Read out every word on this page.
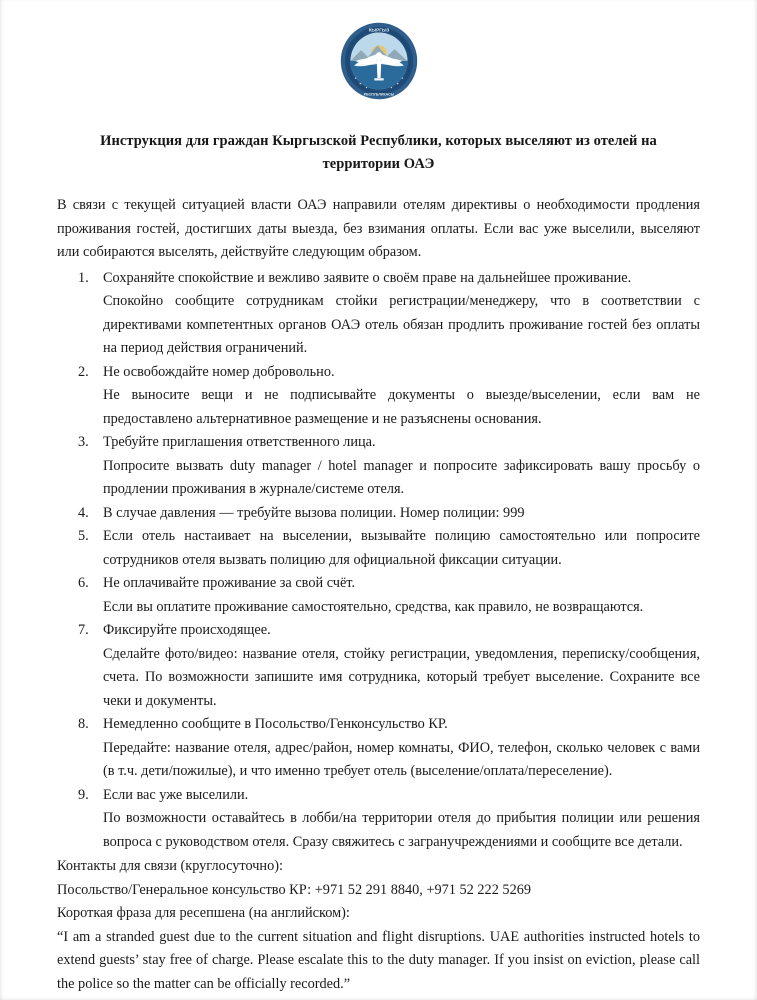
КЫРГЫЗ
РЕСПУБЛИКАСЫ
Инструкция для граждан Кыргызской Республики, которых выселяют из отелей на территории ОАЭ

В связи с текущей ситуацией власти ОАЭ направили отелям директивы о необходимости продления проживания гостей, достигших даты выезда, без взимания оплаты. Если вас уже выселили, выселяют или собираются выселять, действуйте следующим образом.

Сохраняйте спокойствие и вежливо заявите о своём праве на дальнейшее проживание.
Спокойно сообщите сотрудникам стойки регистрации/менеджеру, что в соответствии с директивами компетентных органов ОАЭ отель обязан продлить проживание гостей без оплаты на период действия ограничений.
Не освобождайте номер добровольно.
Не выносите вещи и не подписывайте документы о выезде/выселении, если вам не предоставлено альтернативное размещение и не разъяснены основания.
Требуйте приглашения ответственного лица.
Попросите вызвать duty manager / hotel manager и попросите зафиксировать вашу просьбу о продлении проживания в журнале/системе отеля.
В случае давления — требуйте вызова полиции. Номер полиции: 999
Если отель настаивает на выселении, вызывайте полицию самостоятельно или попросите сотрудников отеля вызвать полицию для официальной фиксации ситуации.
Не оплачивайте проживание за свой счёт.
Если вы оплатите проживание самостоятельно, средства, как правило, не возвращаются.
Фиксируйте происходящее.
Сделайте фото/видео: название отеля, стойку регистрации, уведомления, переписку/сообщения, счета. По возможности запишите имя сотрудника, который требует выселение. Сохраните все чеки и документы.
Немедленно сообщите в Посольство/Генконсульство КР.
Передайте: название отеля, адрес/район, номер комнаты, ФИО, телефон, сколько человек с вами (в т.ч. дети/пожилые), и что именно требует отель (выселение/оплата/переселение).
Если вас уже выселили.
По возможности оставайтесь в лобби/на территории отеля до прибытия полиции или решения вопроса с руководством отеля. Сразу свяжитесь с загранучреждениями и сообщите все детали.
Контакты для связи (круглосуточно):
Посольство/Генеральное консульство КР: +971 52 291 8840, +971 52 222 5269
Короткая фраза для ресепшена (на английском):
“I am a stranded guest due to the current situation and flight disruptions. UAE authorities instructed hotels to extend guests’ stay free of charge. Please escalate this to the duty manager. If you insist on eviction, please call the police so the matter can be officially recorded.”
